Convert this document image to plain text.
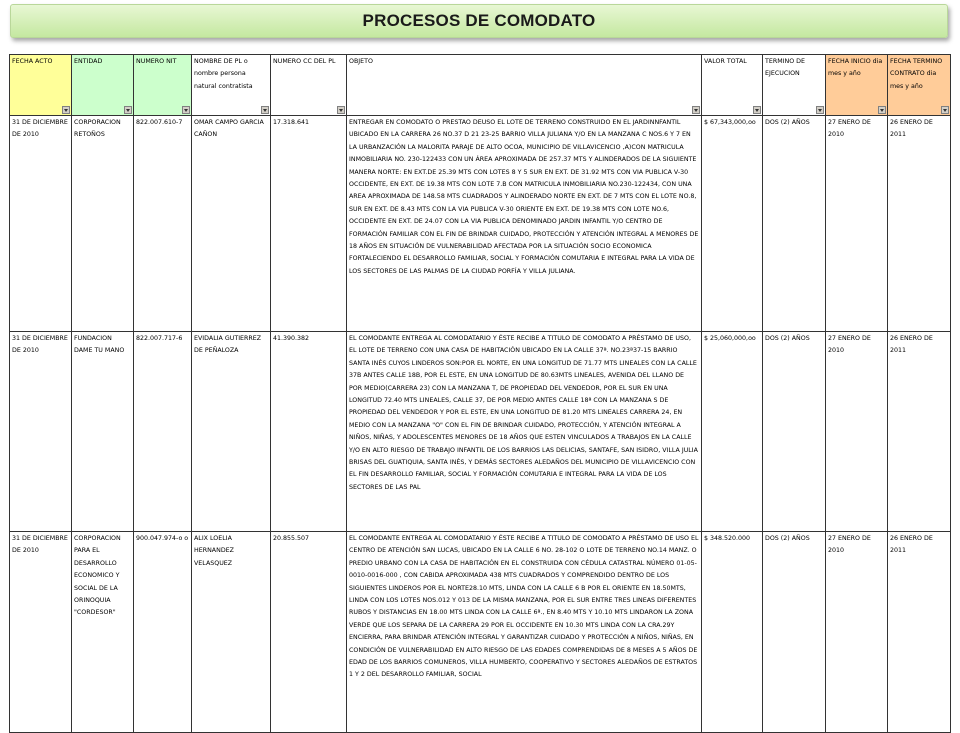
PROCESOS DE COMODATO
FECHA ACTO	ENTIDAD	NUMERO NIT	NOMBRE DE PL o nombre persona natural contratista	NUMERO CC DEL PL	OBJETO	VALOR TOTAL	TERMINO DE EJECUCION	FECHA INICIO dia mes y año	FECHA TERMINO CONTRATO dia mes y año

31 DE DICIEMBRE DE 2010	CORPORACION RETOÑOS	822.007.610-7	OMAR CAMPO GARCIA CAÑON	17.318.641	ENTREGAR EN COMODATO O PRESTAO DEUSO EL LOTE DE TERRENO CONSTRUIDO EN EL JARDINNFANTIL UBICADO EN LA CARRERA 26 NO.37 D 21 23-25 BARRIO VILLA JULIANA Y/O EN LA MANZANA C NOS.6 Y 7 EN LA URBANZACIÓN LA MALORITA PARAJE DE ALTO OCOA, MUNICIPIO DE VILLAVICENCIO ,A)CON MATRICULA INMOBILIARIA NO. 230-122433 CON UN ÁREA APROXIMADA DE 257.37 MTS Y ALINDERADOS DE LA SIGUIENTE MANERA NORTE: EN EXT.DE 25.39 MTS CON LOTES 8 Y 5 SUR EN EXT. DE 31.92 MTS CON VIA PUBLICA V-30 OCCIDENTE, EN EXT. DE 19.38 MTS CON LOTE 7.B CON MATRICULA INMOBILIARIA NO.230-122434, CON UNA AREA APROXIMADA DE 148.58 MTS CUADRADOS Y ALINDERADO NORTE EN EXT. DE 7 MTS CON EL LOTE NO.8, SUR EN EXT. DE 8.43 MTS CON LA VIA PUBLICA V-30 ORIENTE EN EXT. DE 19.38 MTS CON LOTE NO.6, OCCIDENTE EN EXT. DE 24.07 CON LA VIA PUBLICA DENOMINADO JARDIN INFANTIL Y/O CENTRO DE FORMACIÓN FAMILIAR CON EL FIN DE BRINDAR CUIDADO, PROTECCIÓN Y ATENCIÓN INTEGRAL A MENORES DE 18 AÑOS EN SITUACIÓN DE VULNERABILIDAD AFECTADA POR LA SITUACIÓN SOCIO ECONOMICA FORTALECIENDO EL DESARROLLO FAMILIAR, SOCIAL Y FORMACIÓN COMUTARIA E INTEGRAL PARA LA VIDA DE LOS SECTORES DE LAS PALMAS DE LA CIUDAD PORFÍA Y VILLA JULIANA.	$ 67,343,000,oo	DOS (2) AÑOS	27 ENERO DE 2010	26 ENERO DE 2011
31 DE DICIEMBRE DE 2010	FUNDACION DAME TU MANO	822.007.717-6	EVIDALIA GUTIERREZ DE PEÑALOZA	41.390.382	EL COMODANTE ENTREGA AL COMODATARIO Y ÉSTE RECIBE A TITULO DE COMODATO A PRÉSTAMO DE USO, EL LOTE DE TERRENO CON UNA CASA DE HABITACIÓN UBICADO EN LA CALLE 37ª. NO.23ª37-15 BARRIO SANTA INÉS CUYOS LINDEROS SON:POR EL NORTE, EN UNA LONGITUD DE 71.77 MTS LINEALES CON LA CALLE 37B ANTES CALLE 18B, POR EL ESTE, EN UNA LONGITUD DE 80.63MTS LINEALES, AVENIDA DEL LLANO DE POR MEDIO(CARRERA 23) CON LA MANZANA T, DE PROPIEDAD DEL VENDEDOR, POR EL SUR EN UNA LONGITUD 72.40 MTS LINEALES, CALLE 37, DE POR MEDIO ANTES CALLE 18ª CON LA MANZANA S DE PROPIEDAD DEL VENDEDOR Y POR EL ESTE, EN UNA LONGITUD DE 81.20 MTS LINEALES CARRERA 24, EN MEDIO CON LA MANZANA "O" CON EL FIN DE BRINDAR CUIDADO, PROTECCIÓN, Y ATENCIÓN INTEGRAL A NIÑOS, NIÑAS, Y ADOLESCENTES MENORES DE 18 AÑOS QUE ESTEN VINCULADOS A TRABAJOS EN LA CALLE Y/O EN ALTO RIESGO DE TRABAJO INFANTIL DE LOS BARRIOS LAS DELICIAS, SANTAFE, SAN ISIDRO, VILLA JULIA BRISAS DEL GUATIQUIA, SANTA INÉS, Y DEMÁS SECTORES ALEDAÑOS DEL MUNICIPIO DE VILLAVICENCIO CON EL FIN DESARROLLO FAMILIAR, SOCIAL Y FORMACIÓN COMUTARIA E INTEGRAL PARA LA VIDA DE LOS SECTORES DE LAS PAL	$ 25,060,000,oo	DOS (2) AÑOS	27 ENERO DE 2010	26 ENERO DE 2011
31 DE DICIEMBRE DE 2010	CORPORACION PARA EL DESARROLLO ECONOMICO Y SOCIAL DE LA ORINOQUIA "CORDESOR"	900.047.974-o o	ALIX LOELIA HERNANDEZ VELASQUEZ	20.855.507	EL COMODANTE ENTREGA AL COMODATARIO Y ÉSTE RECIBE A TITULO DE COMODATO A PRÉSTAMO DE USO EL CENTRO DE ATENCIÓN SAN LUCAS, UBICADO EN LA CALLE 6 NO. 28-102 O LOTE DE TERRENO NO.14 MANZ. O PREDIO URBANO CON LA CASA DE HABITACIÓN EN EL CONSTRUIDA CON CÉDULA CATASTRAL NÚMERO 01-05-0010-0016-000 , CON CABIDA APROXIMADA 438 MTS CUADRADOS Y COMPRENDIDO DENTRO DE LOS SIGUIENTES LINDEROS POR EL NORTE28.10 MTS, LINDA CON LA CALLE 6 B POR EL ORIENTE EN 18.50MTS, LINDA CON LOS LOTES NOS.012 Y 013 DE LA MISMA MANZANA, POR EL SUR ENTRE TRES LINEAS DIFERENTES RUBOS Y DISTANCIAS EN 18.00 MTS LINDA CON LA CALLE 6ª., EN 8.40 MTS Y 10.10 MTS LINDARON LA ZONA VERDE QUE LOS SEPARA DE LA CARRERA 29 POR EL OCCIDENTE EN 10.30 MTS LINDA CON LA CRA.29Y ENCIERRA, PARA BRINDAR ATENCIÓN INTEGRAL Y GARANTIZAR CUIDADO Y PROTECCIÓN A NIÑOS, NIÑAS, EN CONDICIÓN DE VULNERABILIDAD EN ALTO RIESGO DE LAS EDADES COMPRENDIDAS DE 8 MESES A 5 AÑOS DE EDAD DE LOS BARRIOS COMUNEROS, VILLA HUMBERTO, COOPERATIVO Y SECTORES ALEDAÑOS DE ESTRATOS 1 Y 2 DEL DESARROLLO FAMILIAR, SOCIAL	$ 348.520.000	DOS (2) AÑOS	27 ENERO DE 2010	26 ENERO DE 2011
